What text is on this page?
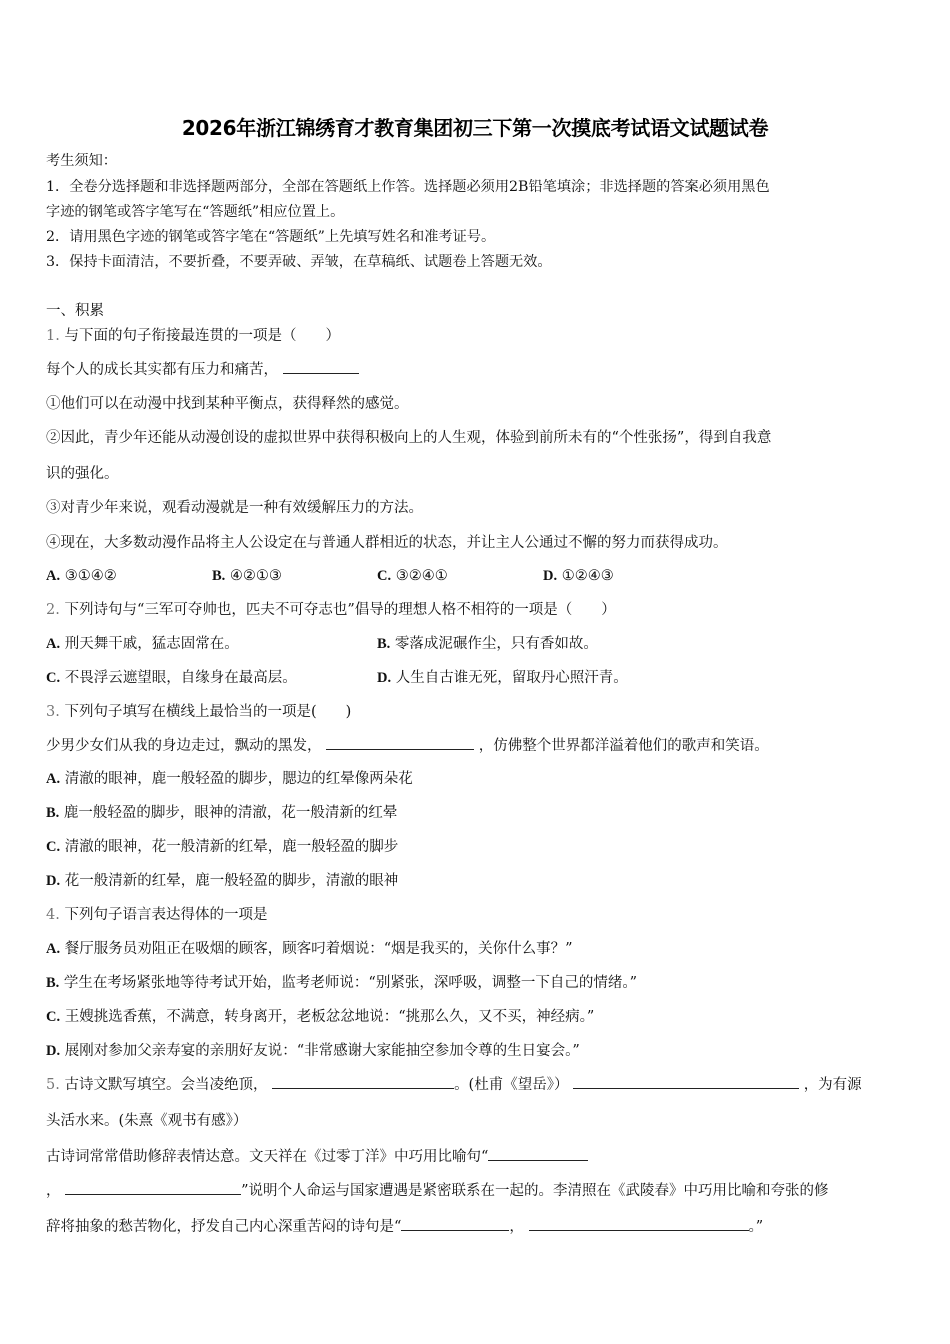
2026年浙江锦绣育才教育集团初三下第一次摸底考试语文试题试卷
考生须知：
1．全卷分选择题和非选择题两部分，全部在答题纸上作答。选择题必须用2B铅笔填涂；非选择题的答案必须用黑色
字迹的钢笔或答字笔写在“答题纸”相应位置上。
2．请用黑色字迹的钢笔或答字笔在“答题纸”上先填写姓名和准考证号。
3．保持卡面清洁，不要折叠，不要弄破、弄皱，在草稿纸、试题卷上答题无效。
一、积累
1. 与下面的句子衔接最连贯的一项是（　　）
每个人的成长其实都有压力和痛苦，
①他们可以在动漫中找到某种平衡点，获得释然的感觉。
②因此，青少年还能从动漫创设的虚拟世界中获得积极向上的人生观，体验到前所未有的“个性张扬”，得到自我意
识的强化。
③对青少年来说，观看动漫就是一种有效缓解压力的方法。
④现在，大多数动漫作品将主人公设定在与普通人群相近的状态，并让主人公通过不懈的努力而获得成功。
A. ③①④②	B. ④②①③	C. ③②④①	D. ①②④③
2. 下列诗句与“三军可夺帅也，匹夫不可夺志也”倡导的理想人格不相符的一项是（　　）
A. 刑天舞干戚，猛志固常在。	B. 零落成泥碾作尘，只有香如故。
C. 不畏浮云遮望眼，自缘身在最高层。	D. 人生自古谁无死，留取丹心照汗青。
3. 下列句子填写在横线上最恰当的一项是(　　)
少男少女们从我的身边走过，飘动的黑发，	，仿佛整个世界都洋溢着他们的歌声和笑语。
A. 清澈的眼神，鹿一般轻盈的脚步，腮边的红晕像两朵花
B. 鹿一般轻盈的脚步，眼神的清澈，花一般清新的红晕
C. 清澈的眼神，花一般清新的红晕，鹿一般轻盈的脚步
D. 花一般清新的红晕，鹿一般轻盈的脚步，清澈的眼神
4. 下列句子语言表达得体的一项是
A. 餐厅服务员劝阻正在吸烟的顾客，顾客叼着烟说：“烟是我买的，关你什么事？”
B. 学生在考场紧张地等待考试开始，监考老师说：“别紧张，深呼吸，调整一下自己的情绪。”
C. 王嫂挑选香蕉，不满意，转身离开，老板忿忿地说：“挑那么久，又不买，神经病。”
D. 展刚对参加父亲寿宴的亲朋好友说：“非常感谢大家能抽空参加令尊的生日宴会。”
5. 古诗文默写填空。会当凌绝顶，	。(杜甫《望岳》）	，为有源
头活水来。(朱熹《观书有感》）
古诗词常常借助修辞表情达意。文天祥在《过零丁洋》中巧用比喻句“
，	”说明个人命运与国家遭遇是紧密联系在一起的。李清照在《武陵春》中巧用比喻和夸张的修
辞将抽象的愁苦物化，抒发自己内心深重苦闷的诗句是“	，	。”
